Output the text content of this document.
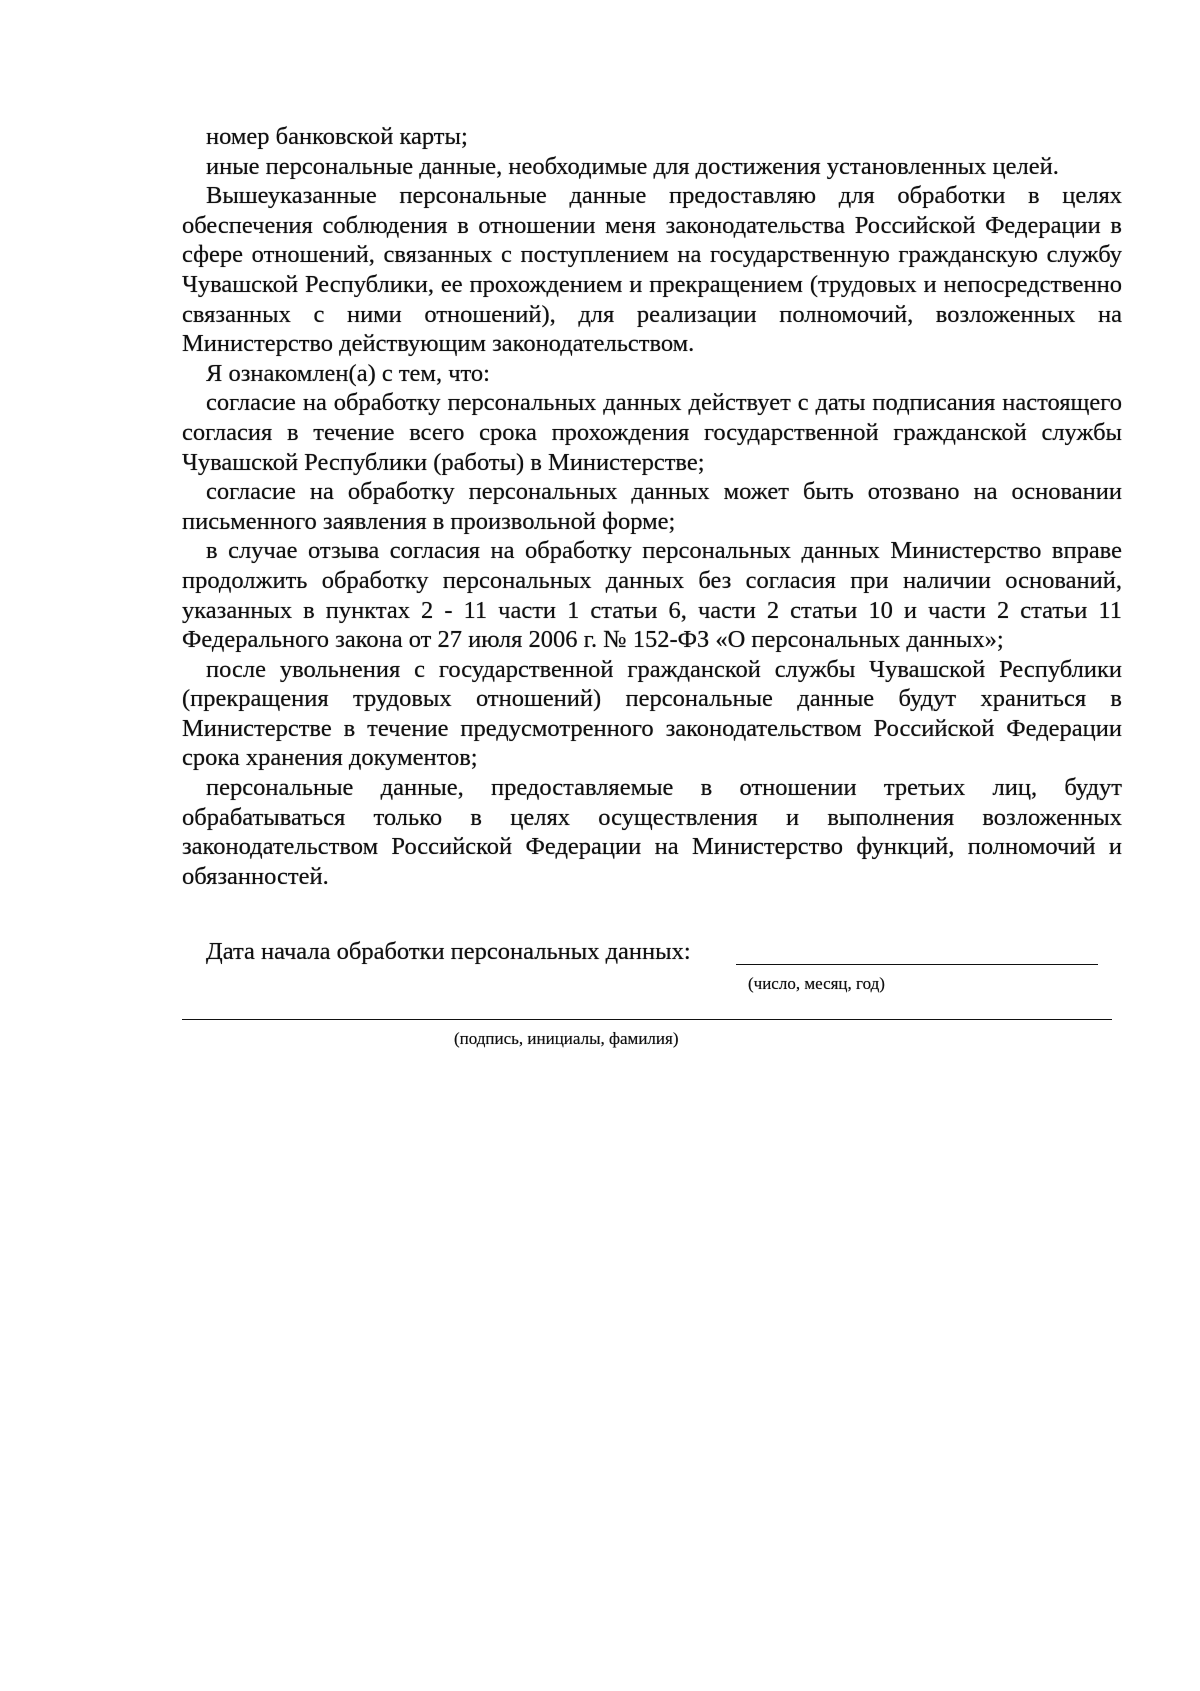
номер банковской карты;

иные персональные данные, необходимые для достижения установленных целей.

Вышеуказанные персональные данные предоставляю для обработки в целях обеспечения соблюдения в отношении меня законодательства Российской Федерации в сфере отношений, связанных с поступлением на государственную гражданскую службу Чувашской Республики, ее прохождением и прекращением (трудовых и непосредственно связанных с ними отношений), для реализации полномочий, возложенных на Министерство действующим законодательством.

Я ознакомлен(а) с тем, что:

согласие на обработку персональных данных действует с даты подписания настоящего согласия в течение всего срока прохождения государственной гражданской службы Чувашской Республики (работы) в Министерстве;

согласие на обработку персональных данных может быть отозвано на основании письменного заявления в произвольной форме;

в случае отзыва согласия на обработку персональных данных Министерство вправе продолжить обработку персональных данных без согласия при наличии оснований, указанных в пунктах 2 - 11 части 1 статьи 6, части 2 статьи 10 и части 2 статьи 11 Федерального закона от 27 июля 2006 г. № 152-ФЗ «О персональных данных»;

после увольнения с государственной гражданской службы Чувашской Республики (прекращения трудовых отношений) персональные данные будут храниться в Министерстве в течение предусмотренного законодательством Российской Федерации срока хранения документов;

персональные данные, предоставляемые в отношении третьих лиц, будут обрабатываться только в целях осуществления и выполнения возложенных законодательством Российской Федерации на Министерство функций, полномочий и обязанностей.

Дата начала обработки персональных данных:
(число, месяц, год)
(подпись, инициалы, фамилия)
